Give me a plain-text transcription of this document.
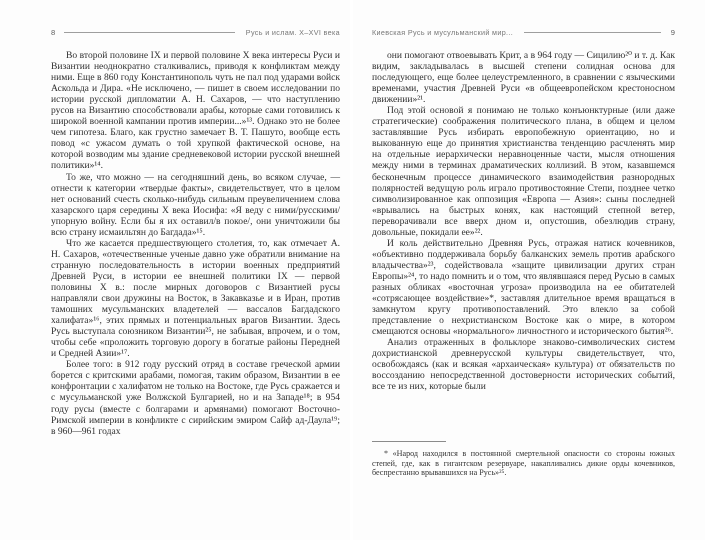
8	Русь и ислам. X–XVI века

Во второй половине IX и первой половине X века интересы Руси и Византии неоднократно сталкивались, приводя к конфликтам между ними. Еще в 860 году Константинополь чуть не пал под ударами войск Аскольда и Дира. «Не исключено, — пишет в своем исследовании по истории русской дипломатии А. Н. Сахаров, — что наступлению русов на Византию способствовали арабы, которые сами готовились к широкой военной кампании против империи...»¹³. Однако это не более чем гипотеза. Благо, как грустно замечает В. Т. Пашуто, вообще есть повод «с ужасом думать о той хрупкой фактической основе, на которой возводим мы здание средневековой истории русской внешней политики»¹⁴.

То же, что можно — на сегодняшний день, во всяком случае, — отнести к категории «твердые факты», свидетельствует, что в целом нет оснований счесть сколько-нибудь сильным преувеличением слова хазарского царя середины X века Иосифа: «Я веду с ними/русскими/упорную войну. Если бы я их оставил/в покое/, они уничтожили бы всю страну исмаильтян до Багдада»¹⁵.

Что же касается предшествующего столетия, то, как отмечает А. Н. Сахаров, «отечественные ученые давно уже обратили внимание на странную последовательность в истории военных предприятий Древней Руси, в истории ее внешней политики IX — первой половины X в.: после мирных договоров с Византией русы направляли свои дружины на Восток, в Закавказье и в Иран, против тамошних мусульманских владетелей — вассалов Багдадского халифата»¹⁶, этих прямых и потенциальных врагов Византии. Здесь Русь выступала союзником Византии²⁵, не забывая, впрочем, и о том, чтобы себе «проложить торговую дорогу в богатые районы Передней и Средней Азии»¹⁷.

Более того: в 912 году русский отряд в составе греческой армии борется с критскими арабами, помогая, таким образом, Византии в ее конфронтации с халифатом не только на Востоке, где Русь сражается и с мусульманской уже Волжской Булгарией, но и на Западе¹⁸; в 954 году русы (вместе с болгарами и армянами) помогают Восточно-Римской империи в конфликте с сирийским эмиром Сайф ад-Даула¹⁹; в 960—961 годах

Киевская Русь и мусульманский мир...	9

они помогают отвоевывать Крит, а в 964 году — Сицилию²⁰ и т. д. Как видим, закладывалась в высшей степени солидная основа для последующего, еще более целеустремленного, в сравнении с языческими временами, участия Древней Руси «в общеевропейском крестоносном движении»²¹.

Под этой основой я понимаю не только конъюнктурные (или даже стратегические) соображения политического плана, в общем и целом заставлявшие Русь избирать европобежную ориентацию, но и выкованную еще до принятия христианства тенденцию расчленять мир на отдельные иерархически неравноценные части, мысля отношения между ними в терминах драматических коллизий. В этом, казавшемся бесконечным процессе динамического взаимодействия разнородных полярностей ведущую роль играло противостояние Степи, позднее четко символизированное как оппозиция «Европа — Азия»: сыны последней «врывались на быстрых конях, как настоящий степной ветер, переворачивали все вверх дном и, опустошив, обезлюдив страну, довольные, покидали ее»²².

И коль действительно Древняя Русь, отражая натиск кочевников, «объективно поддерживала борьбу балканских земель против арабского владычества»²³, содействовала «защите цивилизации других стран Европы»²⁴, то надо помнить и о том, что являвшаяся перед Русью в самых разных обликах «восточная угроза» производила на ее обитателей «сотрясающее воздействие»*, заставляя длительное время вращаться в замкнутом кругу противопоставлений. Это влекло за собой представление о нехристианском Востоке как о мире, в котором смещаются основы «нормального» личностного и исторического бытия²⁶.

Анализ отраженных в фольклоре знаково-символических систем дохристианской древнерусской культуры свидетельствует, что, освобождаясь (как и всякая «архаическая» культура) от обязательств по воссозданию непосредственной достоверности исторических событий, все те из них, которые были

* «Народ находился в постоянной смертельной опасности со стороны южных степей, где, как в гигантском резервуаре, накапливались дикие орды кочевников, беспрестанно врывавшихся на Русь»²⁵.
